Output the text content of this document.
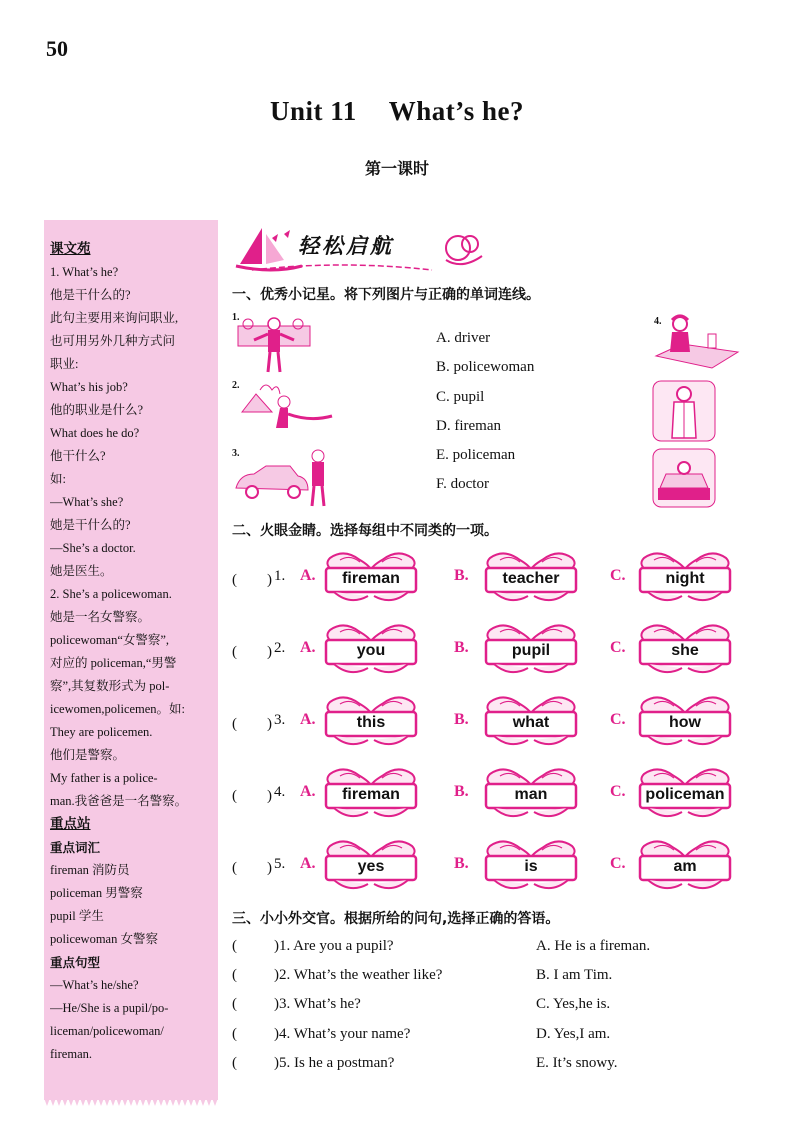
50
Unit 11 What’s he?
第一课时
课文苑
1. What’s he?
他是干什么的?
此句主要用来询问职业,
也可用另外几种方式问
职业:
What’s his job?
他的职业是什么?
What does he do?
他干什么?
如:
—What’s she?
她是干什么的?
—She’s a doctor.
她是医生。
2. She’s a policewoman.
她是一名女警察。
policewoman“女警察”,
对应的 policeman,“男警
察”,其复数形式为 pol-
icewomen,policemen。如:
They are policemen.
他们是警察。
My father is a police-
man.我爸爸是一名警察。
重点站
重点词汇
fireman 消防员
policeman 男警察
pupil 学生
policewoman 女警察
重点句型
—What’s he/she?
—He/She is a pupil/po-
liceman/policewoman/
fireman.
轻松启航
一、优秀小记星。将下列图片与正确的单词连线。
1.
2.
3.
A. driver
B. policewoman
C. pupil
D. fireman
E. policeman
F. doctor
4.
二、火眼金睛。选择每组中不同类的一项。
(　　) 1. A.	fireman	B.	teacher	C.	night
(　　) 2. A.	you	B.	pupil	C.	she
(　　) 3. A.	this	B.	what	C.	how
(　　) 4. A.	fireman	B.	man	C.	policeman
(　　) 5. A.	yes	B.	is	C.	am
三、小小外交官。根据所给的问句,选择正确的答语。
( )1. Are you a pupil?	A. He is a fireman.
( )2. What’s the weather like?	B. I am Tim.
( )3. What’s he?	C. Yes,he is.
( )4. What’s your name?	D. Yes,I am.
( )5. Is he a postman?	E. It’s snowy.
